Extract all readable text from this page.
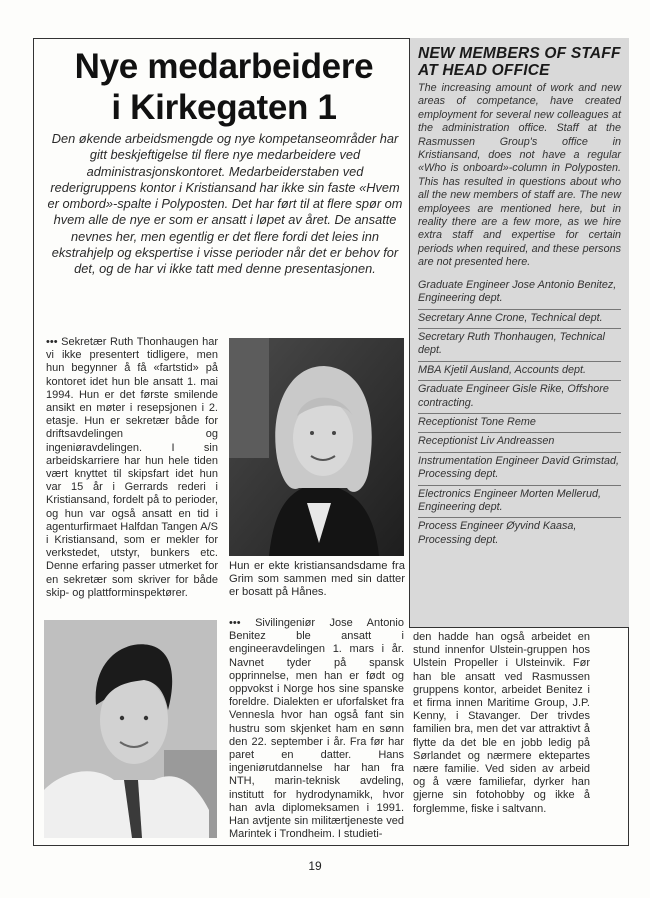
Nye medarbeidere
i Kirkegaten 1
Den økende arbeidsmengde og nye kompetanseområder har gitt beskjeftigelse til flere nye medarbeidere ved administrasjonskontoret. Medarbeiderstaben ved rederigruppens kontor i Kristiansand har ikke sin faste «Hvem er ombord»-spalte i Polyposten. Det har ført til at flere spør om hvem alle de nye er som er ansatt i løpet av året. De ansatte nevnes her, men egentlig er det flere fordi det leies inn ekstrahjelp og ekspertise i visse perioder når det er behov for det, og de har vi ikke tatt med denne presentasjonen.
••• Sekretær Ruth Thonhaugen har vi ikke presentert tidligere, men hun begynner å få «fartstid» på kontoret idet hun ble ansatt 1. mai 1994. Hun er det første smilende ansikt en møter i resepsjonen i 2. etasje. Hun er sekretær både for driftsavdelingen og ingeniøravdelingen. I sin arbeidskarriere har hun hele tiden vært knyttet til skipsfart idet hun var 15 år i Gerrards rederi i Kristiansand, fordelt på to perioder, og hun var også ansatt en tid i agenturfirmaet Halfdan Tangen A/S i Kristiansand, som er mekler for verkstedet, utstyr, bunkers etc. Denne erfaring passer utmerket for en sekretær som skriver for både skip- og plattforminspektører.
Hun er ekte kristiansandsdame fra Grim som sammen med sin datter er bosatt på Hånes.
••• Sivilingeniør Jose Antonio Benitez ble ansatt i engineeravdelingen 1. mars i år. Navnet tyder på spansk opprinnelse, men han er født og oppvokst i Norge hos sine spanske foreldre. Dialekten er uforfalsket fra Vennesla hvor han også fant sin hustru som skjenket ham en sønn den 22. september i år. Fra før har paret en datter. Hans ingeniørutdannelse har han fra NTH, marin-teknisk avdeling, institutt for hydrodynamikk, hvor han avla diplomeksamen i 1991. Han avtjente sin militærtjeneste ved Marintek i Trondheim. I studieti-
den hadde han også arbeidet en stund innenfor Ulstein-gruppen hos Ulstein Propeller i Ulsteinvik. Før han ble ansatt ved Rasmussen gruppens kontor, arbeidet Benitez i et firma innen Maritime Group, J.P. Kenny, i Stavanger. Der trivdes familien bra, men det var attraktivt å flytte da det ble en jobb ledig på Sørlandet og nærmere ektepartes nære familie. Ved siden av arbeid og å være familiefar, dyrker han gjerne sin fotohobby og ikke å forglemme, fiske i saltvann.
NEW MEMBERS OF STAFF AT HEAD OFFICE

The increasing amount of work and new areas of competance, have created employment for several new colleagues at the administration office. Staff at the Rasmussen Group's office in Kristiansand, does not have a regular «Who is onboard»-column in Polyposten. This has resulted in questions about who all the new members of staff are. The new employees are mentioned here, but in reality there are a few more, as we hire extra staff and expertise for certain periods when required, and these persons are not presented here.

Graduate Engineer Jose Antonio Benitez, Engineering dept.
Secretary Anne Crone, Technical dept.
Secretary Ruth Thonhaugen, Technical dept.
MBA Kjetil Ausland, Accounts dept.
Graduate Engineer Gisle Rike, Offshore contracting.
Receptionist Tone Reme
Receptionist Liv Andreassen
Instrumentation Engineer David Grimstad, Processing dept.
Electronics Engineer Morten Mellerud, Engineering dept.
Process Engineer Øyvind Kaasa, Processing dept.
19
